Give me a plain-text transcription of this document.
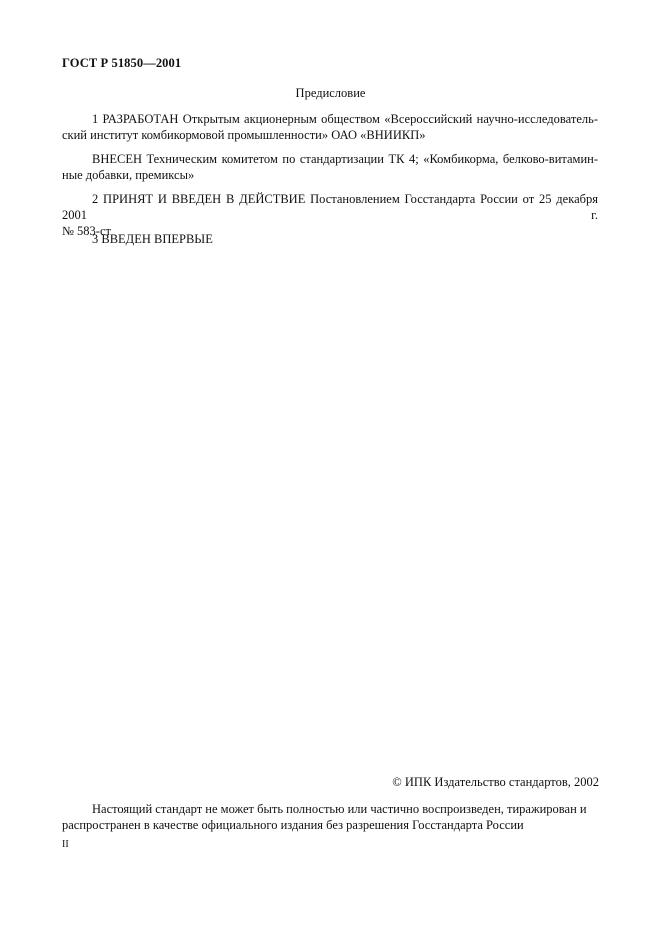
ГОСТ Р 51850—2001
Предисловие

1 РАЗРАБОТАН Открытым акционерным обществом «Всероссийский научно-исследователь-

ский институт комбикормовой промышленности» ОАО «ВНИИКП»

ВНЕСЕН Техническим комитетом по стандартизации ТК 4; «Комбикорма, белково-витамин-

ные добавки, премиксы»

2 ПРИНЯТ И ВВЕДЕН В ДЕЙСТВИЕ Постановлением Госстандарта России от 25 декабря 2001 г.

№ 583-ст

3 ВВЕДЕН ВПЕРВЫЕ

© ИПК Издательство стандартов, 2002

Настоящий стандарт не может быть полностью или частично воспроизведен, тиражирован и

распространен в качестве официального издания без разрешения Госстандарта России

II
